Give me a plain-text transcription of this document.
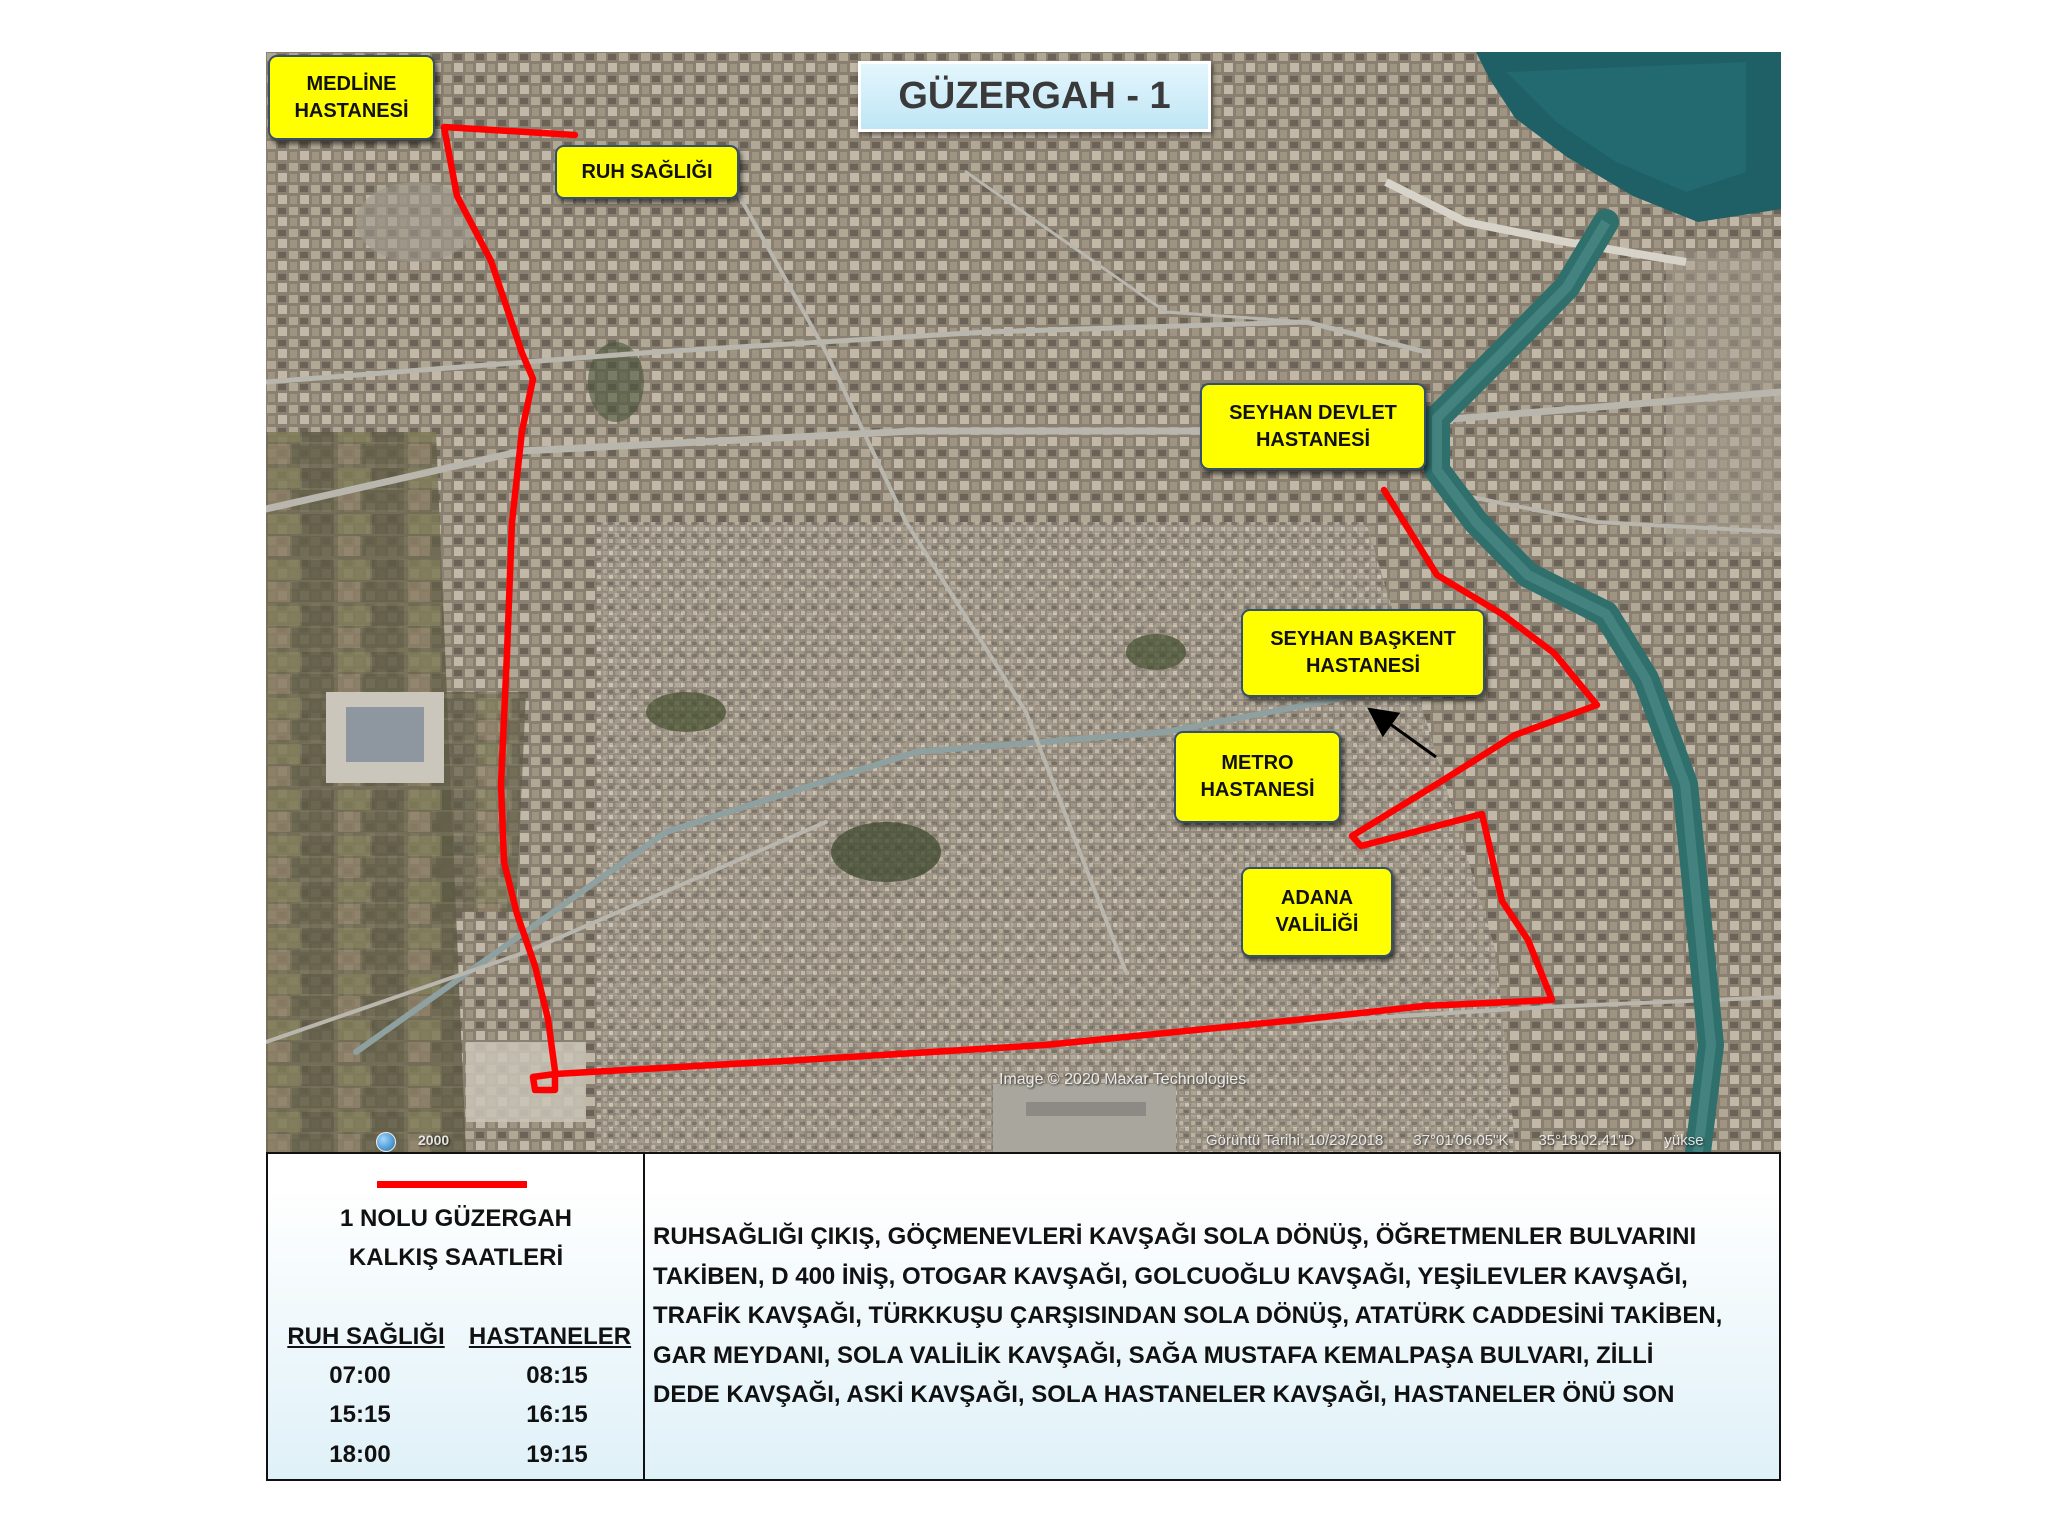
Image © 2020 Maxar Technologies
2000	Görüntü Tarihi: 10/23/2018 37°01'06.05"K 35°18'02.41"D yükse
MEDLİNE
HASTANESİ	GÜZERGAH - 1
RUH SAĞLIĞI
SEYHAN DEVLET
HASTANESİ
SEYHAN BAŞKENT
HASTANESİ
METRO
HASTANESİ
ADANA
VALİLİĞİ
1 NOLU GÜZERGAH
KALKIŞ SAATLERİ
RUH SAĞLIĞI HASTANELER
07:00	08:15
15:15	16:15
18:00	19:15
RUHSAĞLIĞI ÇIKIŞ, GÖÇMENEVLERİ KAVŞAĞI SOLA DÖNÜŞ, ÖĞRETMENLER BULVARINI
TAKİBEN, D 400 İNİŞ, OTOGAR KAVŞAĞI, GOLCUOĞLU KAVŞAĞI, YEŞİLEVLER KAVŞAĞI,
TRAFİK KAVŞAĞI, TÜRKKUŞU ÇARŞISINDAN SOLA DÖNÜŞ, ATATÜRK CADDESİNİ TAKİBEN,
GAR MEYDANI, SOLA VALİLİK KAVŞAĞI, SAĞA MUSTAFA KEMALPAŞA BULVARI, ZİLLİ
DEDE KAVŞAĞI, ASKİ KAVŞAĞI, SOLA HASTANELER KAVŞAĞI, HASTANELER ÖNÜ SON
